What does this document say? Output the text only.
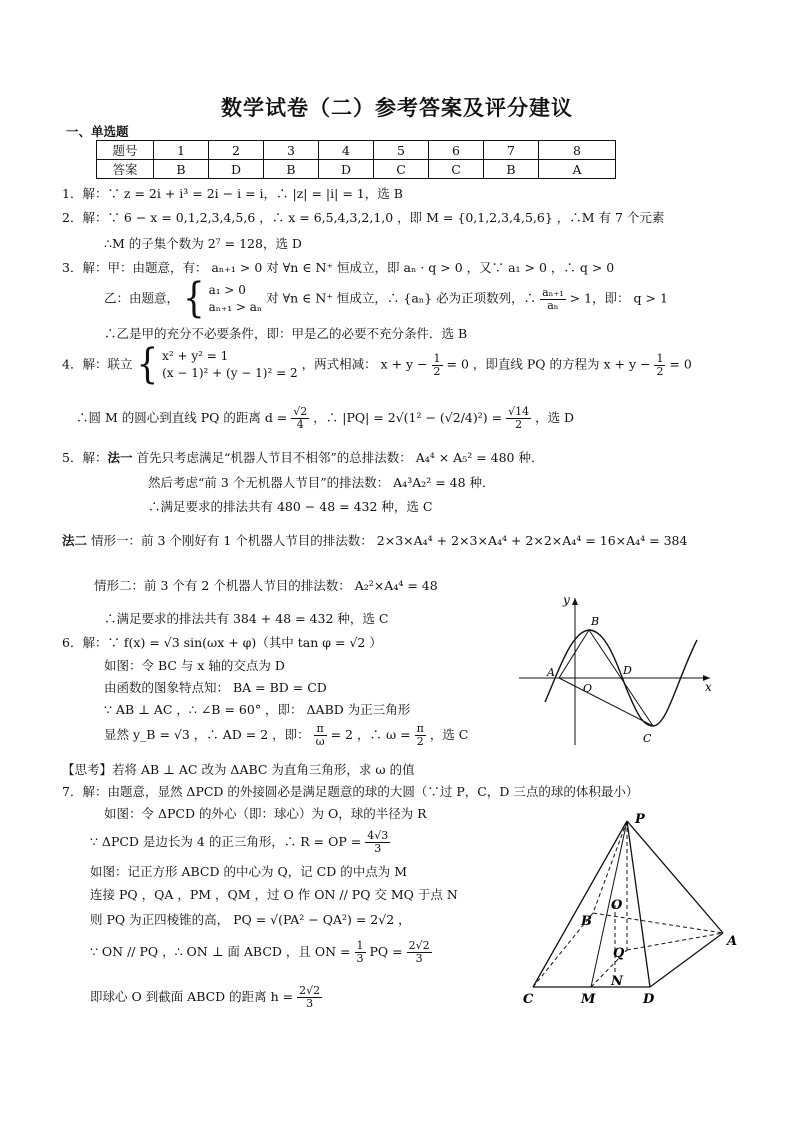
数学试卷（二）参考答案及评分建议
一、单选题
题号	1	2	3	4	5	6	7	8
答案	B	D	B	D	C	C	B	A
1．解：∵ z = 2i + i³ = 2i − i = i，∴ |z| = |i| = 1，选 B
2．解：∵ 6 − x = 0,1,2,3,4,5,6 ，∴ x = 6,5,4,3,2,1,0 ，即 M = {0,1,2,3,4,5,6} ，∴M 有 7 个元素
∴M 的子集个数为 2⁷ = 128，选 D
3．解：甲：由题意，有： aₙ₊₁ > 0 对 ∀n ∈ N⁺ 恒成立，即 aₙ · q > 0 ，又∵ a₁ > 0 ，∴ q > 0
乙：由题意， { a₁ > 0
aₙ₊₁ > aₙ
对 ∀n ∈ N⁺ 恒成立，∴ {aₙ} 必为正项数列，∴ $\frac{\text{aₙ₊₁}}{\text{aₙ}} > 1$，即： q > 1
∴乙是甲的充分不必要条件，即：甲是乙的必要不充分条件．选 B
4．解：联立 { x² + y² = 1
(x − 1)² + (y − 1)² = 2
，两式相减： $x + y - \frac{1}{2} = 0$ ，即直线 PQ 的方程为 $x + y - \frac{1}{2} = 0$
∴圆 M 的圆心到直线 PQ 的距离 $d = \frac{√2}{4}$ ，∴ $|PQ| = 2√(1^2 - (√2/4)^2) = \frac{√14}{2}$ ，选 D
5．解：法一 首先只考虑满足“机器人节目不相邻”的总排法数： A₄⁴ × A₅² = 480 种．
然后考虑“前 3 个无机器人节目”的排法数： A₄³A₂² = 48 种．
∴满足要求的排法共有 480 − 48 = 432 种，选 C
法二 情形一：前 3 个刚好有 1 个机器人节目的排法数： 2×3×A₄⁴ + 2×3×A₄⁴ + 2×2×A₄⁴ = 16×A₄⁴ = 384
情形二：前 3 个有 2 个机器人节目的排法数： A₂²×A₄⁴ = 48
∴满足要求的排法共有 384 + 48 = 432 种，选 C
6．解：∵ f(x) = √3 sin(ωx + φ)（其中 tan φ = √2 ）
如图：令 BC 与 x 轴的交点为 D
由函数的图象特点知： BA = BD = CD
∵ AB ⊥ AC ，∴ ∠B = 60° ，即： ΔABD 为正三角形
显然 y_B = √3 ，∴ AD = 2 ，即： $\frac{\pi}{\omega} = 2$ ，∴ $\omega = \frac{\pi}{2}$ ，选 C
【思考】若将 AB ⊥ AC 改为 ΔABC 为直角三角形，求 ω 的值
y
x
A
B
O
D
C
7．解：由题意，显然 ΔPCD 的外接圆必是满足题意的球的大圆（∵过 P，C，D 三点的球的体积最小）
如图：令 ΔPCD 的外心（即：球心）为 O，球的半径为 R
∵ ΔPCD 是边长为 4 的正三角形，∴ R = OP = $\frac{4√3}{3}$
如图：记正方形 ABCD 的中心为 Q，记 CD 的中点为 M
连接 PQ ，QA ，PM ，QM ，过 O 作 ON // PQ 交 MQ 于点 N
则 PQ 为正四棱锥的高， PQ = √(PA² − QA²) = 2√2 ，
∵ ON // PQ ，∴ ON ⊥ 面 ABCD ，且 ON = $\frac{1}{3}$ PQ = $\frac{2√2}{3}$
即球心 O 到截面 ABCD 的距离 $h = \frac{2√2}{3}$
P
O
B
Q
A
N
C	M	D
